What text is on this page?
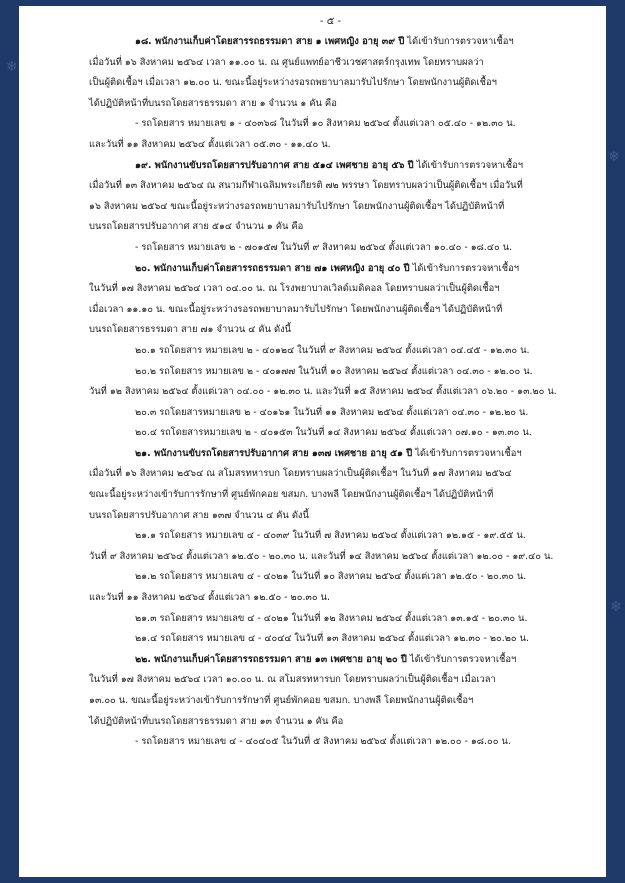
❄
❄
❄
- ๕ -

๑๘. พนักงานเก็บค่าโดยสารรถธรรมดา สาย ๑ เพศหญิง อายุ ๓๙ ปี ได้เข้ารับการตรวจหาเชื้อฯ

เมื่อวันที่ ๑๖ สิงหาคม ๒๕๖๔ เวลา ๑๑.๐๐ น. ณ ศูนย์แพทย์อาชีวเวชศาสตร์กรุงเทพ โดยทราบผลว่า

เป็นผู้ติดเชื้อฯ เมื่อเวลา ๑๒.๐๐ น. ขณะนี้อยู่ระหว่างรอรถพยาบาลมารับไปรักษา โดยพนักงานผู้ติดเชื้อฯ

ได้ปฏิบัติหน้าที่บนรถโดยสารธรรมดา สาย ๑ จำนวน ๑ คัน คือ

- รถโดยสาร หมายเลข ๑ - ๔๐๓๖๘ ในวันที่ ๑๐ สิงหาคม ๒๕๖๔ ตั้งแต่เวลา ๐๕.๔๐ - ๑๒.๓๐ น.

และวันที่ ๑๑ สิงหาคม ๒๕๖๔ ตั้งแต่เวลา ๐๕.๓๐ - ๑๑.๔๐ น.

๑๙. พนักงานขับรถโดยสารปรับอากาศ สาย ๕๑๔ เพศชาย อายุ ๕๖ ปี ได้เข้ารับการตรวจหาเชื้อฯ

เมื่อวันที่ ๑๓ สิงหาคม ๒๕๖๔ ณ สนามกีฬาเฉลิมพระเกียรติ ๗๒ พรรษา โดยทราบผลว่าเป็นผู้ติดเชื้อฯ เมื่อวันที่

๑๖ สิงหาคม ๒๕๖๔ ขณะนี้อยู่ระหว่างรอรถพยาบาลมารับไปรักษา โดยพนักงานผู้ติดเชื้อฯ ได้ปฏิบัติหน้าที่

บนรถโดยสารปรับอากาศ สาย ๕๑๔ จำนวน ๑ คัน คือ

- รถโดยสาร หมายเลข ๒ - ๗๐๑๕๗ ในวันที่ ๙ สิงหาคม ๒๕๖๔ ตั้งแต่เวลา ๑๐.๔๐ - ๑๘.๔๐ น.

๒๐. พนักงานเก็บค่าโดยสารรถธรรมดา สาย ๗๑ เพศหญิง อายุ ๔๐ ปี ได้เข้ารับการตรวจหาเชื้อฯ

ในวันที่ ๑๗ สิงหาคม ๒๕๖๔ เวลา ๐๔.๐๐ น. ณ โรงพยาบาลเวิลด์เมดิคอล โดยทราบผลว่าเป็นผู้ติดเชื้อฯ

เมื่อเวลา ๑๑.๑๐ น. ขณะนี้อยู่ระหว่างรอรถพยาบาลมารับไปรักษา โดยพนักงานผู้ติดเชื้อฯ ได้ปฏิบัติหน้าที่

บนรถโดยสารธรรมดา สาย ๗๑ จำนวน ๔ คัน ดังนี้

๒๐.๑ รถโดยสาร หมายเลข ๒ - ๔๐๑๒๔ ในวันที่ ๙ สิงหาคม ๒๕๖๔ ตั้งแต่เวลา ๐๔.๔๕ - ๑๒.๓๐ น.

๒๐.๒ รถโดยสาร หมายเลข ๒ - ๔๐๑๗๗ ในวันที่ ๑๐ สิงหาคม ๒๕๖๔ ตั้งแต่เวลา ๐๔.๓๐ - ๑๒.๐๐ น.

วันที่ ๑๒ สิงหาคม ๒๕๖๔ ตั้งแต่เวลา ๐๔.๐๐ - ๑๒.๓๐ น. และวันที่ ๑๕ สิงหาคม ๒๕๖๔ ตั้งแต่เวลา ๐๖.๒๐ - ๑๓.๒๐ น.

๒๐.๓ รถโดยสารหมายเลข ๒ - ๔๐๑๖๑ ในวันที่ ๑๑ สิงหาคม ๒๕๖๔ ตั้งแต่เวลา ๐๔.๓๐ - ๑๒.๒๐ น.

๒๐.๔ รถโดยสารหมายเลข ๒ - ๔๐๑๕๓ ในวันที่ ๑๔ สิงหาคม ๒๕๖๔ ตั้งแต่เวลา ๐๗.๑๐ - ๑๓.๓๐ น.

๒๑. พนักงานขับรถโดยสารปรับอากาศ สาย ๑๓๗ เพศชาย อายุ ๕๑ ปี ได้เข้ารับการตรวจหาเชื้อฯ

เมื่อวันที่ ๑๖ สิงหาคม ๒๕๖๔ ณ สโมสรทหารบก โดยทราบผลว่าเป็นผู้ติดเชื้อฯ ในวันที่ ๑๗ สิงหาคม ๒๕๖๔

ขณะนี้อยู่ระหว่างเข้ารับการรักษาที่ ศูนย์พักคอย ขสมก. บางพลี โดยพนักงานผู้ติดเชื้อฯ ได้ปฏิบัติหน้าที่

บนรถโดยสารปรับอากาศ สาย ๑๓๗ จำนวน ๔ คัน ดังนี้

๒๑.๑ รถโดยสาร หมายเลข ๔ - ๔๐๓๙ ในวันที่ ๗ สิงหาคม ๒๕๖๔ ตั้งแต่เวลา ๑๒.๑๕ - ๑๙.๕๕ น.

วันที่ ๙ สิงหาคม ๒๕๖๔ ตั้งแต่เวลา ๑๒.๕๐ - ๒๐.๓๐ น. และวันที่ ๑๔ สิงหาคม ๒๕๖๔ ตั้งแต่เวลา ๑๒.๐๐ - ๑๙.๔๐ น.

๒๑.๒ รถโดยสาร หมายเลข ๔ - ๔๐๒๑ ในวันที่ ๑๐ สิงหาคม ๒๕๖๔ ตั้งแต่เวลา ๑๒.๕๐ - ๒๐.๓๐ น.

และวันที่ ๑๑ สิงหาคม ๒๕๖๔ ตั้งแต่เวลา ๑๒.๕๐ - ๒๐.๓๐ น.

๒๑.๓ รถโดยสาร หมายเลข ๔ - ๔๐๒๑ ในวันที่ ๑๒ สิงหาคม ๒๕๖๔ ตั้งแต่เวลา ๑๓.๑๕ - ๒๐.๓๐ น.

๒๑.๔ รถโดยสาร หมายเลข ๔ - ๔๐๔๔ ในวันที่ ๑๓ สิงหาคม ๒๕๖๔ ตั้งแต่เวลา ๑๒.๓๐ - ๒๐.๒๐ น.

๒๒. พนักงานเก็บค่าโดยสารรถธรรมดา สาย ๑๓ เพศชาย อายุ ๒๐ ปี ได้เข้ารับการตรวจหาเชื้อฯ

ในวันที่ ๑๗ สิงหาคม ๒๕๖๔ เวลา ๑๐.๐๐ น. ณ สโมสรทหารบก โดยทราบผลว่าเป็นผู้ติดเชื้อฯ เมื่อเวลา

๑๓.๐๐ น. ขณะนี้อยู่ระหว่างเข้ารับการรักษาที่ ศูนย์พักคอย ขสมก. บางพลี โดยพนักงานผู้ติดเชื้อฯ

ได้ปฏิบัติหน้าที่บนรถโดยสารธรรมดา สาย ๑๓ จำนวน ๑ คัน คือ

- รถโดยสาร หมายเลข ๔ - ๔๐๔๐๕ ในวันที่ ๕ สิงหาคม ๒๕๖๔ ตั้งแต่เวลา ๑๒.๐๐ - ๑๘.๐๐ น.
